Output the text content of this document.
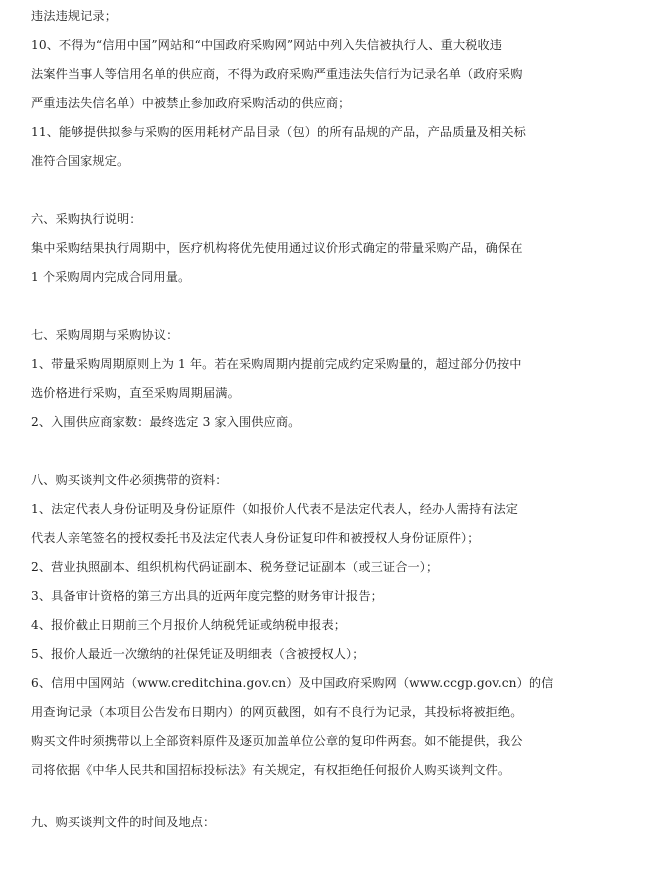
违法违规记录；
10、不得为“信用中国”网站和“中国政府采购网”网站中列入失信被执行人、重大税收违
法案件当事人等信用名单的供应商，不得为政府采购严重违法失信行为记录名单（政府采购
严重违法失信名单）中被禁止参加政府采购活动的供应商；
11、能够提供拟参与采购的医用耗材产品目录（包）的所有品规的产品，产品质量及相关标
准符合国家规定。
六、采购执行说明：
集中采购结果执行周期中，医疗机构将优先使用通过议价形式确定的带量采购产品，确保在
1 个采购周内完成合同用量。
七、采购周期与采购协议：
1、带量采购周期原则上为 1 年。若在采购周期内提前完成约定采购量的，超过部分仍按中
选价格进行采购，直至采购周期届满。
2、入围供应商家数：最终选定 3 家入围供应商。
八、购买谈判文件必须携带的资料：
1、法定代表人身份证明及身份证原件（如报价人代表不是法定代表人，经办人需持有法定
代表人亲笔签名的授权委托书及法定代表人身份证复印件和被授权人身份证原件）；
2、营业执照副本、组织机构代码证副本、税务登记证副本（或三证合一）；
3、具备审计资格的第三方出具的近两年度完整的财务审计报告；
4、报价截止日期前三个月报价人纳税凭证或纳税申报表；
5、报价人最近一次缴纳的社保凭证及明细表（含被授权人）；
6、信用中国网站（www.creditchina.gov.cn）及中国政府采购网（www.ccgp.gov.cn）的信
用查询记录（本项目公告发布日期内）的网页截图，如有不良行为记录，其投标将被拒绝。
购买文件时须携带以上全部资料原件及逐页加盖单位公章的复印件两套。如不能提供，我公
司将依据《中华人民共和国招标投标法》有关规定，有权拒绝任何报价人购买谈判文件。
九、购买谈判文件的时间及地点：
